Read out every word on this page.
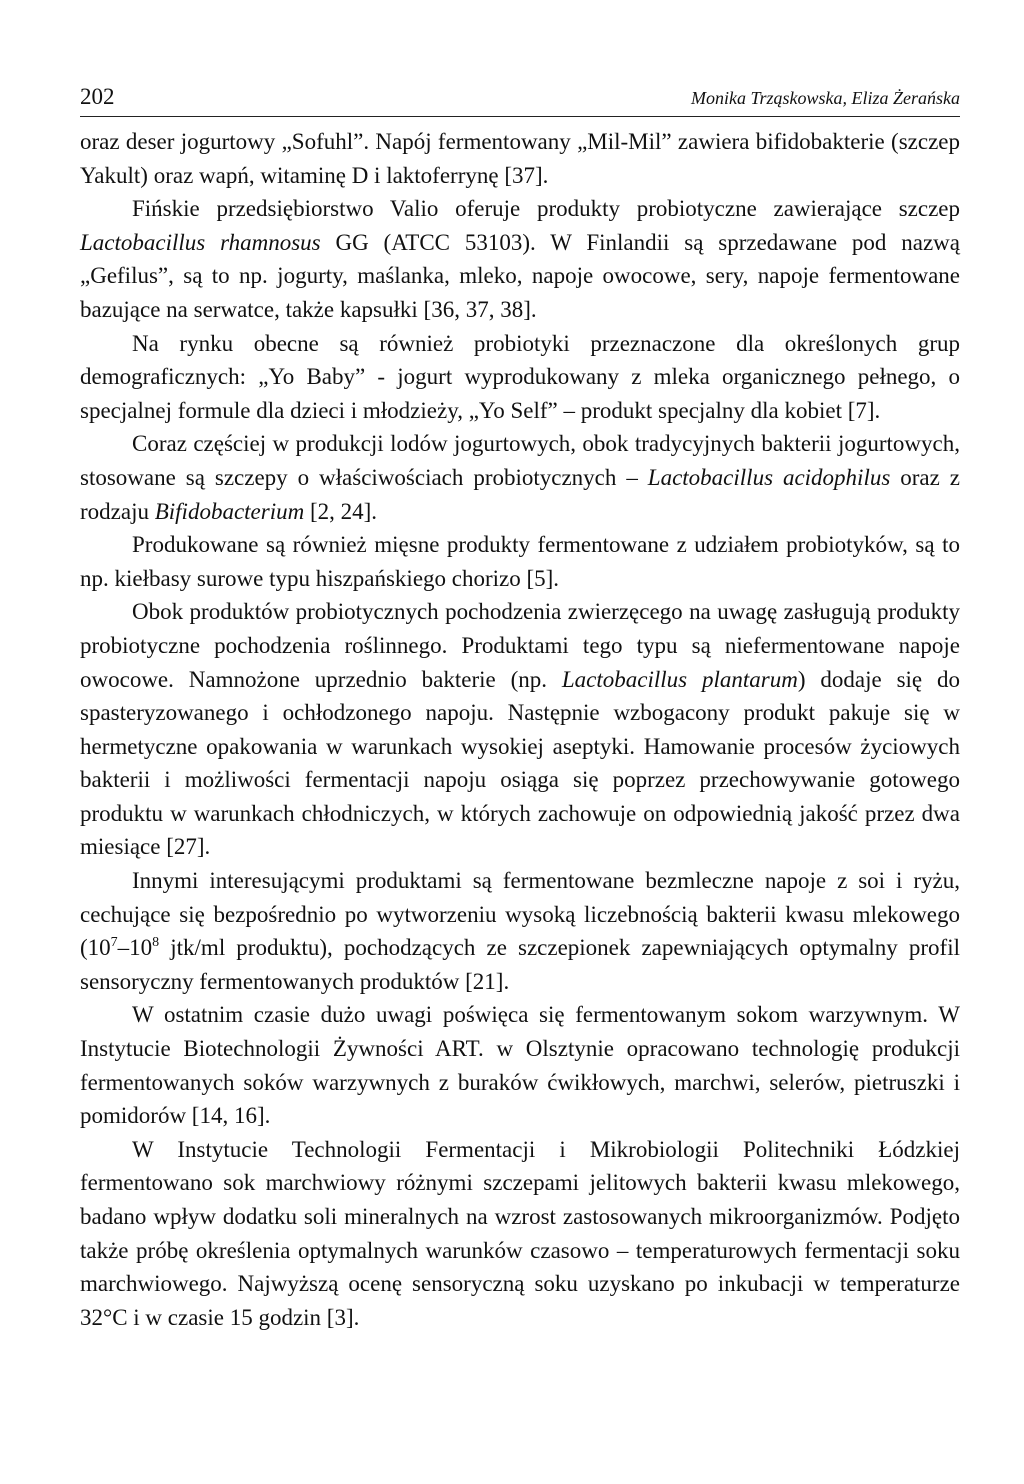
202	Monika Trząskowska, Eliza Żerańska

oraz deser jogurtowy „Sofuhl”. Napój fermentowany „Mil-Mil” zawiera bifidobakterie (szczep Yakult) oraz wapń, witaminę D i laktoferrynę [37].

Fińskie przedsiębiorstwo Valio oferuje produkty probiotyczne zawierające szczep Lactobacillus rhamnosus GG (ATCC 53103). W Finlandii są sprzedawane pod nazwą „Gefilus”, są to np. jogurty, maślanka, mleko, napoje owocowe, sery, napoje fermentowane bazujące na serwatce, także kapsułki [36, 37, 38].

Na rynku obecne są również probiotyki przeznaczone dla określonych grup demograficznych: „Yo Baby” - jogurt wyprodukowany z mleka organicznego pełnego, o specjalnej formule dla dzieci i młodzieży, „Yo Self” – produkt specjalny dla kobiet [7].

Coraz częściej w produkcji lodów jogurtowych, obok tradycyjnych bakterii jogurtowych, stosowane są szczepy o właściwościach probiotycznych – Lactobacillus acidophilus oraz z rodzaju Bifidobacterium [2, 24].

Produkowane są również mięsne produkty fermentowane z udziałem probiotyków, są to np. kiełbasy surowe typu hiszpańskiego chorizo [5].

Obok produktów probiotycznych pochodzenia zwierzęcego na uwagę zasługują produkty probiotyczne pochodzenia roślinnego. Produktami tego typu są niefermentowane napoje owocowe. Namnożone uprzednio bakterie (np. Lactobacillus plantarum) dodaje się do spasteryzowanego i ochłodzonego napoju. Następnie wzbogacony produkt pakuje się w hermetyczne opakowania w warunkach wysokiej aseptyki. Hamowanie procesów życiowych bakterii i możliwości fermentacji napoju osiąga się poprzez przechowywanie gotowego produktu w warunkach chłodniczych, w których zachowuje on odpowiednią jakość przez dwa miesiące [27].

Innymi interesującymi produktami są fermentowane bezmleczne napoje z soi i ryżu, cechujące się bezpośrednio po wytworzeniu wysoką liczebnością bakterii kwasu mlekowego ($10^7-10^8$ jtk/ml produktu), pochodzących ze szczepionek zapewniających optymalny profil sensoryczny fermentowanych produktów [21].

W ostatnim czasie dużo uwagi poświęca się fermentowanym sokom warzywnym. W Instytucie Biotechnologii Żywności ART. w Olsztynie opracowano technologię produkcji fermentowanych soków warzywnych z buraków ćwikłowych, marchwi, selerów, pietruszki i pomidorów [14, 16].

W Instytucie Technologii Fermentacji i Mikrobiologii Politechniki Łódzkiej fermentowano sok marchwiowy różnymi szczepami jelitowych bakterii kwasu mlekowego, badano wpływ dodatku soli mineralnych na wzrost zastosowanych mikroorganizmów. Podjęto także próbę określenia optymalnych warunków czasowo – temperaturowych fermentacji soku marchwiowego. Najwyższą ocenę sensoryczną soku uzyskano po inkubacji w temperaturze 32°C i w czasie 15 godzin [3].
